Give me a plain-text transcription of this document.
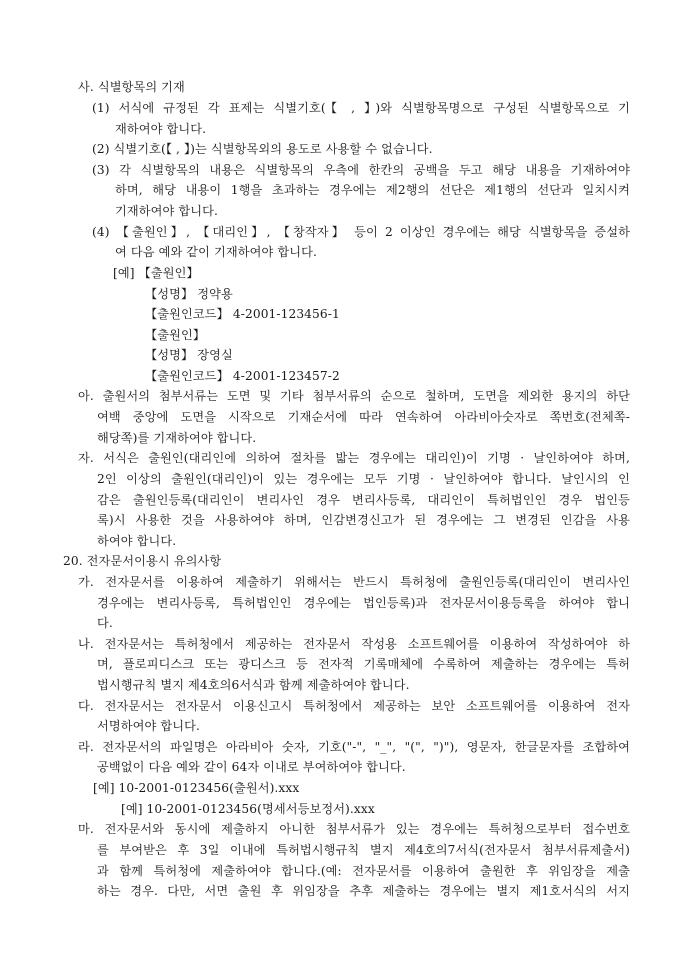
사. 식별항목의 기재
(1) 서식에 규정된 각 표제는 식별기호(【 , 】)와 식별항목명으로 구성된 식별항목으로 기
재하여야 합니다.
(2) 식별기호(【 , 】)는 식별항목외의 용도로 사용할 수 없습니다.
(3) 각 식별항목의 내용은 식별항목의 우측에 한칸의 공백을 두고 해당 내용을 기재하여야
하며, 해당 내용이 1행을 초과하는 경우에는 제2행의 선단은 제1행의 선단과 일치시켜
기재하여야 합니다.
(4) 【출원인】, 【대리인】, 【창작자】 등이 2 이상인 경우에는 해당 식별항목을 증설하
여 다음 예와 같이 기재하여야 합니다.
[예] 【출원인】
【성명】 정약용
【출원인코드】 4-2001-123456-1
【출원인】
【성명】 장영실
【출원인코드】 4-2001-123457-2
아. 출원서의 첨부서류는 도면 및 기타 첨부서류의 순으로 철하며, 도면을 제외한 용지의 하단
여백 중앙에 도면을 시작으로 기재순서에 따라 연속하여 아라비아숫자로 쪽번호(전체쪽-
해당쪽)를 기재하여야 합니다.
자. 서식은 출원인(대리인에 의하여 절차를 밟는 경우에는 대리인)이 기명 · 날인하여야 하며,
2인 이상의 출원인(대리인)이 있는 경우에는 모두 기명 · 날인하여야 합니다. 날인시의 인
감은 출원인등록(대리인이 변리사인 경우 변리사등록, 대리인이 특허법인인 경우 법인등
록)시 사용한 것을 사용하여야 하며, 인감변경신고가 된 경우에는 그 변경된 인감을 사용
하여야 합니다.
20. 전자문서이용시 유의사항
가. 전자문서를 이용하여 제출하기 위해서는 반드시 특허청에 출원인등록(대리인이 변리사인
경우에는 변리사등록, 특허법인인 경우에는 법인등록)과 전자문서이용등록을 하여야 합니
다.
나. 전자문서는 특허청에서 제공하는 전자문서 작성용 소프트웨어를 이용하여 작성하여야 하
며, 플로피디스크 또는 광디스크 등 전자적 기록매체에 수록하여 제출하는 경우에는 특허
법시행규칙 별지 제4호의6서식과 함께 제출하여야 합니다.
다. 전자문서는 전자문서 이용신고시 특허청에서 제공하는 보안 소프트웨어를 이용하여 전자
서명하여야 합니다.
라. 전자문서의 파일명은 아라비아 숫자, 기호("-", "_", "(", ")"), 영문자, 한글문자를 조합하여
공백없이 다음 예와 같이 64자 이내로 부여하여야 합니다.
[예] 10-2001-0123456(출원서).xxx
[예] 10-2001-0123456(명세서등보정서).xxx
마. 전자문서와 동시에 제출하지 아니한 첨부서류가 있는 경우에는 특허청으로부터 접수번호
를 부여받은 후 3일 이내에 특허법시행규칙 별지 제4호의7서식(전자문서 첨부서류제출서)
과 함께 특허청에 제출하여야 합니다.(예: 전자문서를 이용하여 출원한 후 위임장을 제출
하는 경우. 다만, 서면 출원 후 위임장을 추후 제출하는 경우에는 별지 제1호서식의 서지
